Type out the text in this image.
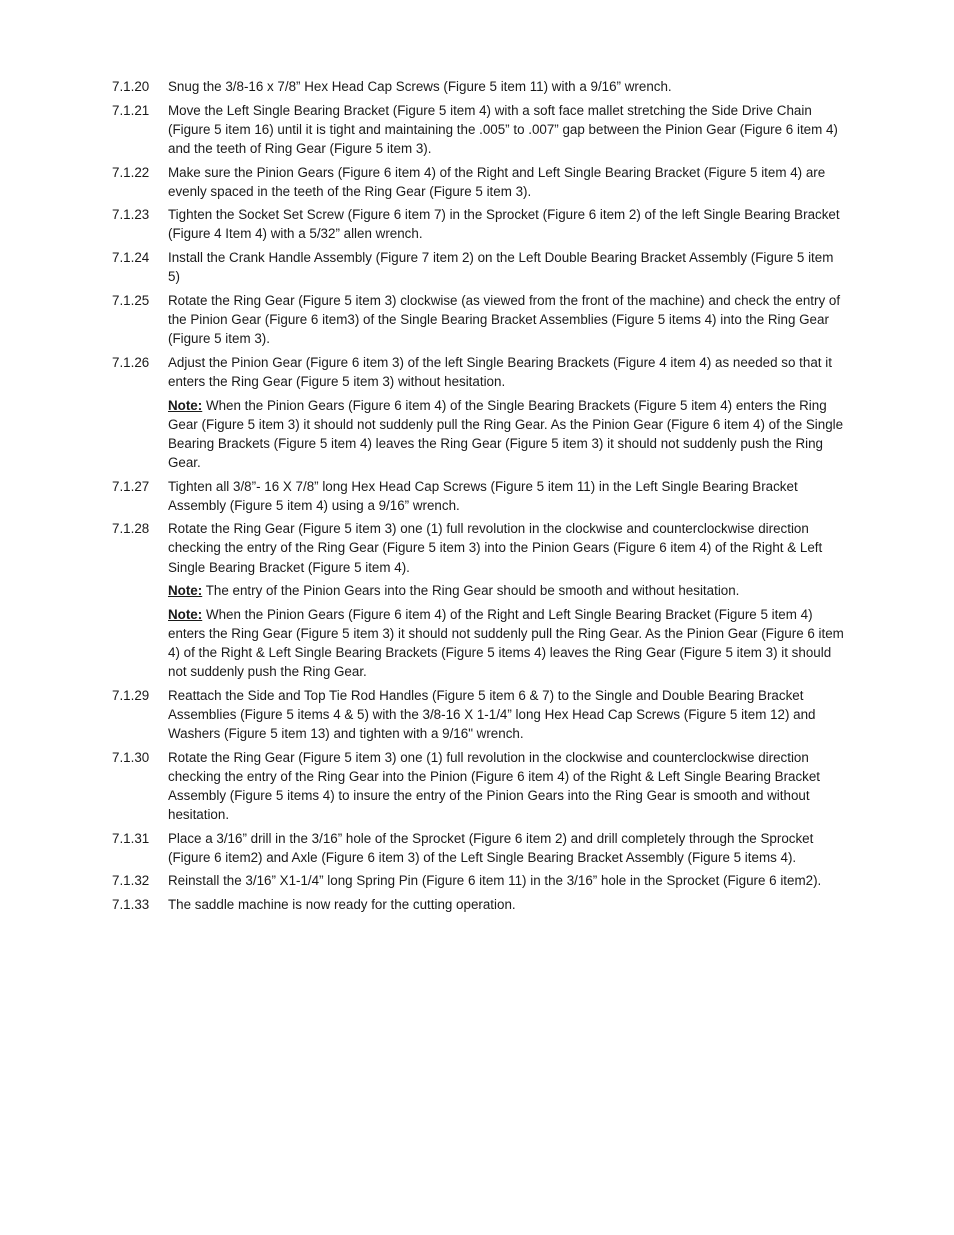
7.1.20	Snug the 3/8-16 x 7/8” Hex Head Cap Screws (Figure 5 item 11) with a 9/16” wrench.
7.1.21	Move the Left Single Bearing Bracket (Figure 5 item 4) with a soft face mallet stretching the Side Drive Chain (Figure 5 item 16) until it is tight and maintaining the .005” to .007” gap between the Pinion Gear (Figure 6 item 4) and the teeth of Ring Gear (Figure 5 item 3).
7.1.22	Make sure the Pinion Gears (Figure 6 item 4) of the Right and Left Single Bearing Bracket (Figure 5 item 4) are evenly spaced in the teeth of the Ring Gear (Figure 5 item 3).
7.1.23	Tighten the Socket Set Screw (Figure 6 item 7) in the Sprocket (Figure 6 item 2) of the left Single Bearing Bracket (Figure 4 Item 4) with a 5/32” allen wrench.
7.1.24	Install the Crank Handle Assembly (Figure 7 item 2) on the Left Double Bearing Bracket Assembly (Figure 5 item 5)
7.1.25	Rotate the Ring Gear (Figure 5 item 3) clockwise (as viewed from the front of the machine) and check the entry of the Pinion Gear (Figure 6 item3) of the Single Bearing Bracket Assemblies (Figure 5 items 4) into the Ring Gear (Figure 5 item 3).
7.1.26	Adjust the Pinion Gear (Figure 6 item 3) of the left Single Bearing Brackets (Figure 4 item 4) as needed so that it enters the Ring Gear (Figure 5 item 3) without hesitation.
Note: When the Pinion Gears (Figure 6 item 4) of the Single Bearing Brackets (Figure 5 item 4) enters the Ring Gear (Figure 5 item 3) it should not suddenly pull the Ring Gear. As the Pinion Gear (Figure 6 item 4) of the Single Bearing Brackets (Figure 5 item 4) leaves the Ring Gear (Figure 5 item 3) it should not suddenly push the Ring Gear.
7.1.27	Tighten all 3/8”- 16 X 7/8” long Hex Head Cap Screws (Figure 5 item 11) in the Left Single Bearing Bracket Assembly (Figure 5 item 4) using a 9/16” wrench.
7.1.28	Rotate the Ring Gear (Figure 5 item 3) one (1) full revolution in the clockwise and counterclockwise direction checking the entry of the Ring Gear (Figure 5 item 3) into the Pinion Gears (Figure 6 item 4) of the Right & Left Single Bearing Bracket (Figure 5 item 4).
Note: The entry of the Pinion Gears into the Ring Gear should be smooth and without hesitation.
Note: When the Pinion Gears (Figure 6 item 4) of the Right and Left Single Bearing Bracket (Figure 5 item 4) enters the Ring Gear (Figure 5 item 3) it should not suddenly pull the Ring Gear. As the Pinion Gear (Figure 6 item 4) of the Right & Left Single Bearing Brackets (Figure 5 items 4) leaves the Ring Gear (Figure 5 item 3) it should not suddenly push the Ring Gear.
7.1.29	Reattach the Side and Top Tie Rod Handles (Figure 5 item 6 & 7) to the Single and Double Bearing Bracket Assemblies (Figure 5 items 4 & 5) with the 3/8-16 X 1-1/4” long Hex Head Cap Screws (Figure 5 item 12) and Washers (Figure 5 item 13) and tighten with a 9/16" wrench.
7.1.30	Rotate the Ring Gear (Figure 5 item 3) one (1) full revolution in the clockwise and counterclockwise direction checking the entry of the Ring Gear into the Pinion (Figure 6 item 4) of the Right & Left Single Bearing Bracket Assembly (Figure 5 items 4) to insure the entry of the Pinion Gears into the Ring Gear is smooth and without hesitation.
7.1.31	Place a 3/16” drill in the 3/16” hole of the Sprocket (Figure 6 item 2) and drill completely through the Sprocket (Figure 6 item2) and Axle (Figure 6 item 3) of the Left Single Bearing Bracket Assembly (Figure 5 items 4).
7.1.32	Reinstall the 3/16” X1-1/4” long Spring Pin (Figure 6 item 11) in the 3/16” hole in the Sprocket (Figure 6 item2).
7.1.33	The saddle machine is now ready for the cutting operation.
